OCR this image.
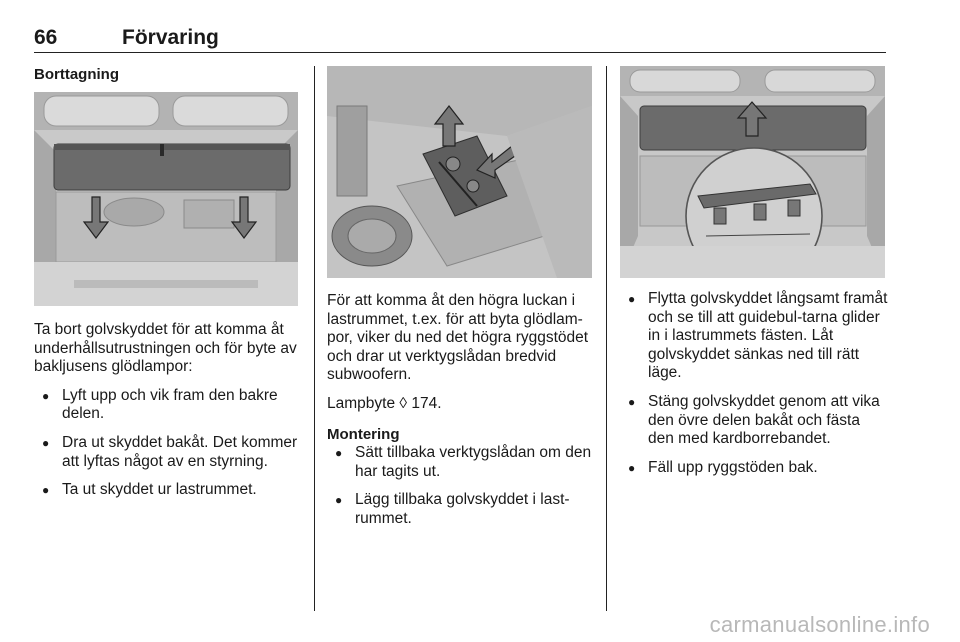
66	Förvaring

Borttagning

Ta bort golvskyddet för att komma åt underhållsutrustningen och för byte av bakljusens glödlampor:

● Lyft upp och vik fram den bakre delen.
● Dra ut skyddet bakåt. Det kommer att lyftas något av en styrning.
● Ta ut skyddet ur lastrummet.

För att komma åt den högra luckan i lastrummet, t.ex. för att byta glödlam-por, viker du ned det högra ryggstödet och drar ut verktygslådan bredvid subwoofern.

Lampbyte ◊ 174.

Montering

● Sätt tillbaka verktygslådan om den har tagits ut.
● Lägg tillbaka golvskyddet i last-rummet.
● Flytta golvskyddet långsamt framåt och se till att guidebul-tarna glider in i lastrummets fästen. Låt golvskyddet sänkas ned till rätt läge.
● Stäng golvskyddet genom att vika den övre delen bakåt och fästa den med kardborrebandet.
● Fäll upp ryggstöden bak.
carmanualsonline.info
